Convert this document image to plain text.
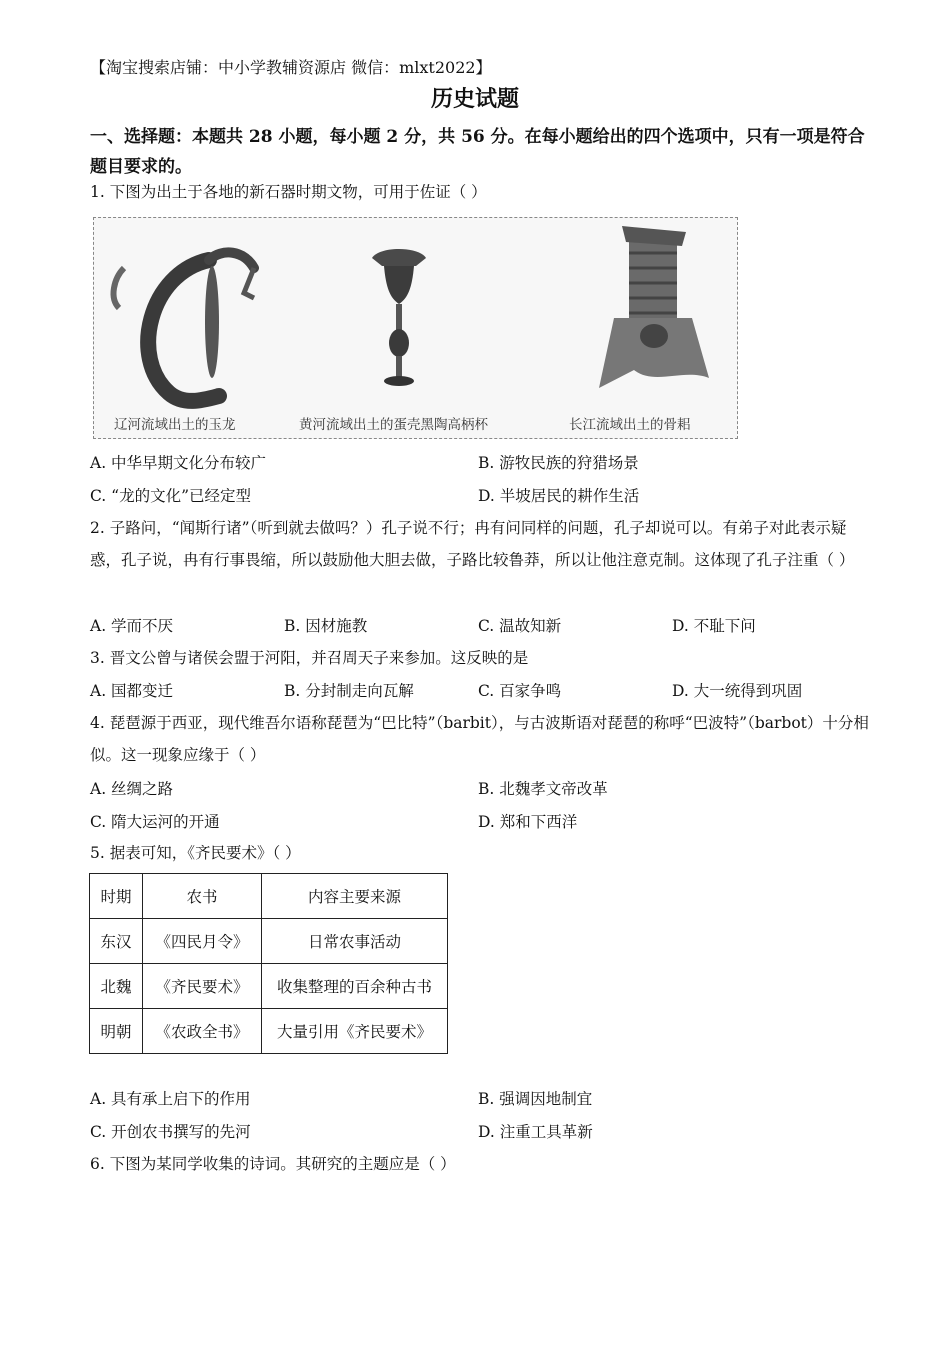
【淘宝搜索店铺：中小学教辅资源店 微信：mlxt2022】
历史试题
一、选择题：本题共 28 小题，每小题 2 分，共 56 分。在每小题给出的四个选项中，只有一项是符合题目要求的。
1. 下图为出土于各地的新石器时期文物，可用于佐证（ ）
辽河流域出土的玉龙	黄河流域出土的蛋壳黑陶高柄杯	长江流域出土的骨耜
A. 中华早期文化分布较广	B. 游牧民族的狩猎场景
C. “龙的文化”已经定型	D. 半坡居民的耕作生活
2. 子路问，“闻斯行诸”（听到就去做吗？）孔子说不行；冉有问同样的问题，孔子却说可以。有弟子对此表示疑惑，孔子说，冉有行事畏缩，所以鼓励他大胆去做，子路比较鲁莽，所以让他注意克制。这体现了孔子注重（ ）
A. 学而不厌	B. 因材施教	C. 温故知新	D. 不耻下问
3. 晋文公曾与诸侯会盟于河阳，并召周天子来参加。这反映的是
A. 国都变迁	B. 分封制走向瓦解	C. 百家争鸣	D. 大一统得到巩固
4. 琵琶源于西亚，现代维吾尔语称琵琶为“巴比特”（barbit），与古波斯语对琵琶的称呼“巴波特”（barbot）十分相似。这一现象应缘于（ ）
A. 丝绸之路	B. 北魏孝文帝改革
C. 隋大运河的开通	D. 郑和下西洋
5. 据表可知，《齐民要术》（ ）
时期	农书	内容主要来源
东汉	《四民月令》	日常农事活动
北魏	《齐民要术》	收集整理的百余种古书
明朝	《农政全书》	大量引用《齐民要术》
A. 具有承上启下的作用	B. 强调因地制宜
C. 开创农书撰写的先河	D. 注重工具革新
6. 下图为某同学收集的诗词。其研究的主题应是（ ）
